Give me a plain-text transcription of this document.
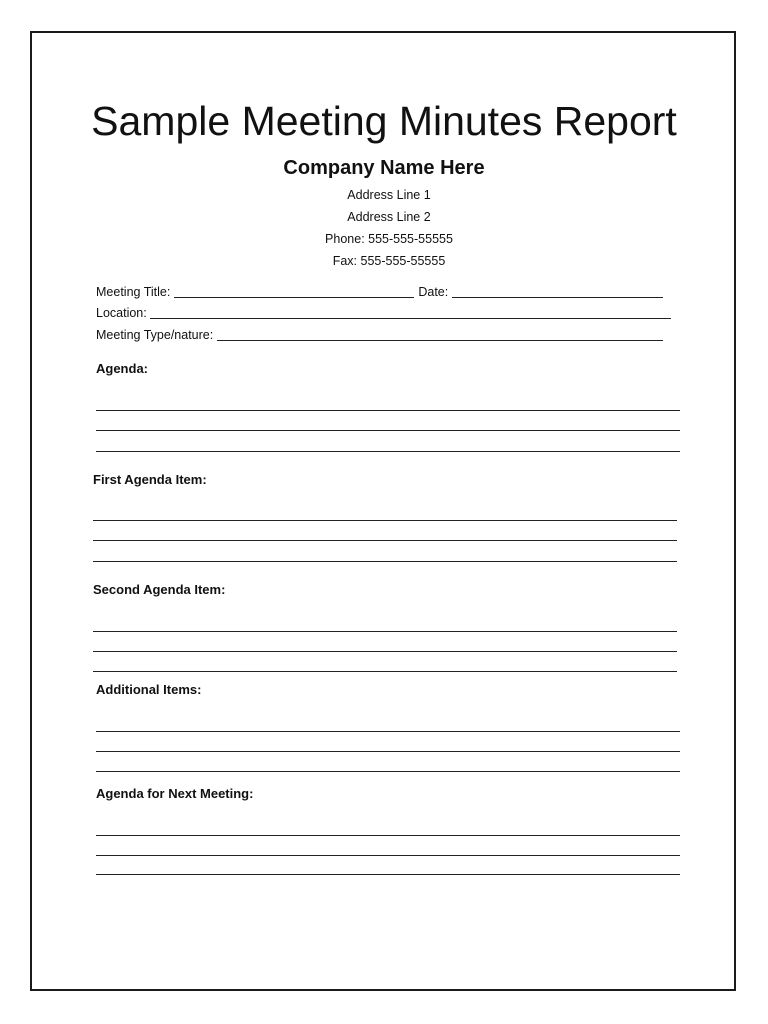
Sample Meeting Minutes Report
Company Name Here
Address Line 1
Address Line 2
Phone: 555-555-55555
Fax: 555-555-55555
Meeting Title:	Date:
Location:
Meeting Type/nature:
Agenda:
First Agenda Item:
Second Agenda Item:
Additional Items:
Agenda for Next Meeting:
